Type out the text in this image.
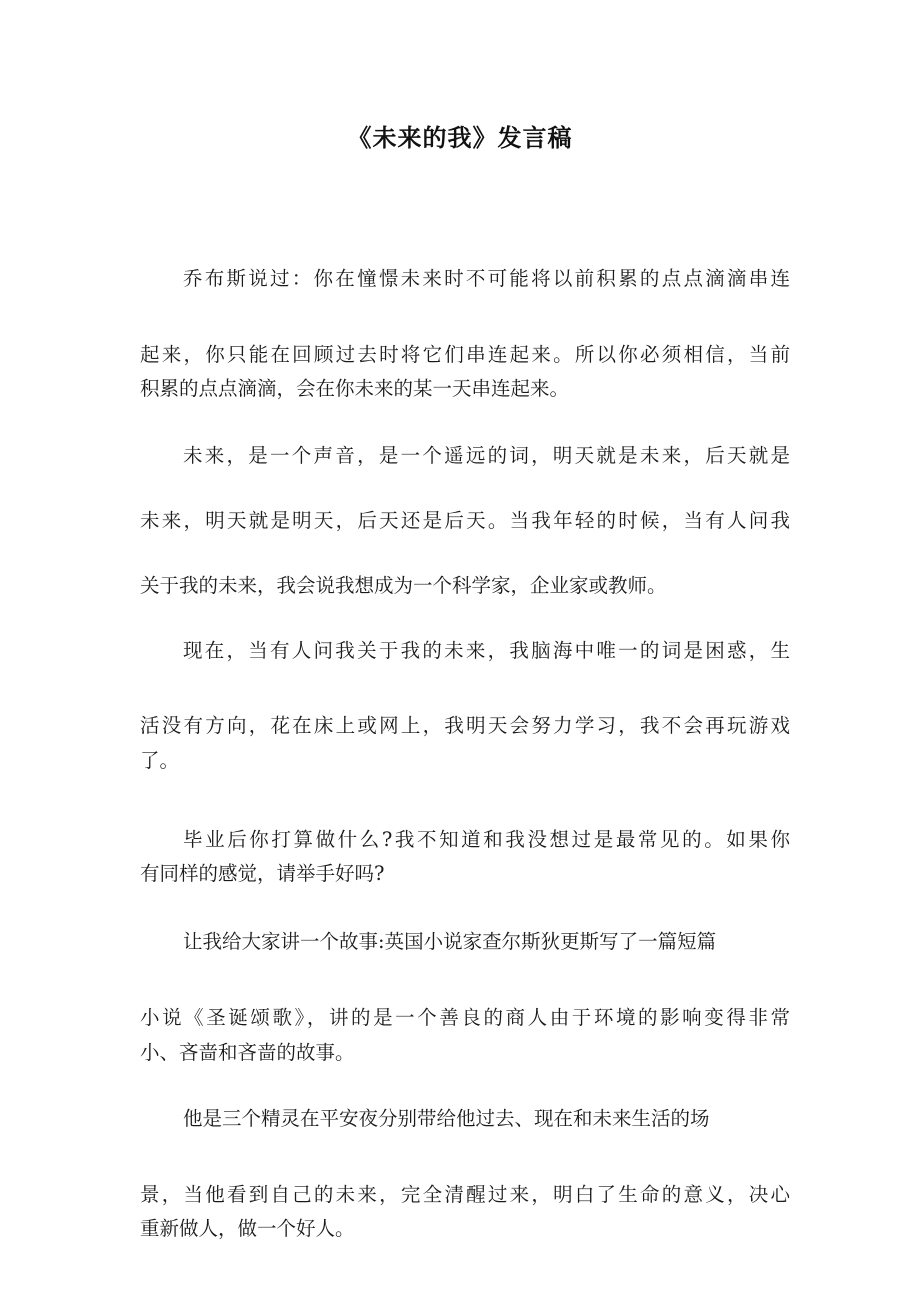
《未来的我》发言稿

乔布斯说过：你在憧憬未来时不可能将以前积累的点点滴滴串连

起来，你只能在回顾过去时将它们串连起来。所以你必须相信，当前

积累的点点滴滴，会在你未来的某一天串连起来。

未来，是一个声音，是一个遥远的词，明天就是未来，后天就是

未来，明天就是明天，后天还是后天。当我年轻的时候，当有人问我

关于我的未来，我会说我想成为一个科学家，企业家或教师。

现在，当有人问我关于我的未来，我脑海中唯一的词是困惑，生

活没有方向，花在床上或网上，我明天会努力学习，我不会再玩游戏

了。

毕业后你打算做什么?我不知道和我没想过是最常见的。如果你

有同样的感觉，请举手好吗?

让我给大家讲一个故事:英国小说家查尔斯狄更斯写了一篇短篇

小说《圣诞颂歌》，讲的是一个善良的商人由于环境的影响变得非常

小、吝啬和吝啬的故事。

他是三个精灵在平安夜分别带给他过去、现在和未来生活的场

景，当他看到自己的未来，完全清醒过来，明白了生命的意义，决心

重新做人，做一个好人。
